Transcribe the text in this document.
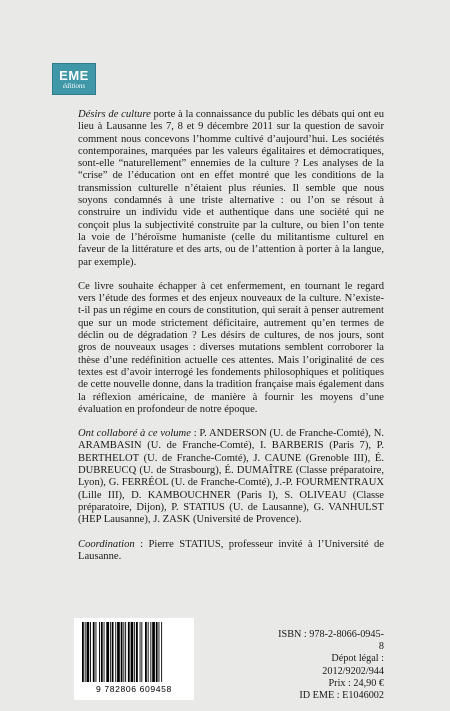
EME
éditions

Désirs de culture porte à la connaissance du public les débats qui ont eu lieu à Lausanne les 7, 8 et 9 décembre 2011 sur la question de savoir comment nous concevons l’homme cultivé d’aujourd’hui. Les sociétés contemporaines, marquées par les valeurs égalitaires et démocratiques, sont-elle “naturellement” ennemies de la culture ? Les analyses de la “crise” de l’éducation ont en effet montré que les conditions de la transmission culturelle n’étaient plus réunies. Il semble que nous soyons condamnés à une triste alternative : ou l’on se résout à construire un individu vide et authentique dans une société qui ne conçoit plus la subjectivité construite par la culture, ou bien l’on tente la voie de l’héroïsme humaniste (celle du militantisme culturel en faveur de la littérature et des arts, ou de l’attention à porter à la langue, par exemple).

Ce livre souhaite échapper à cet enfermement, en tournant le regard vers l’étude des formes et des enjeux nouveaux de la culture. N’existe-t-il pas un régime en cours de constitution, qui serait à penser autrement que sur un mode strictement déficitaire, autrement qu’en termes de déclin ou de dégradation ? Les désirs de cultures, de nos jours, sont gros de nouveaux usages : diverses mutations semblent corroborer la thèse d’une redéfinition actuelle ces attentes. Mais l’originalité de ces textes est d’avoir interrogé les fondements philosophiques et politiques de cette nouvelle donne, dans la tradition française mais également dans la réflexion américaine, de manière à fournir les moyens d’une évaluation en profondeur de notre époque.

Ont collaboré à ce volume : P. ANDERSON (U. de Franche-Comté), N. ARAMBASIN (U. de Franche-Comté), I. BARBERIS (Paris 7), P. BERTHELOT (U. de Franche-Comté), J. CAUNE (Grenoble III), É. DUBREUCQ (U. de Strasbourg), É. DUMAÎTRE (Classe préparatoire, Lyon), G. FERRÉOL (U. de Franche-Comté), J.-P. FOURMENTRAUX (Lille III), D. KAMBOUCHNER (Paris I), S. OLIVEAU (Classe préparatoire, Dijon), P. STATIUS (U. de Lausanne), G. VANHULST (HEP Lausanne), J. ZASK (Université de Provence).

Coordination : Pierre STATIUS, professeur invité à l’Université de Lausanne.

9 782806 609458
ISBN : 978-2-8066-0945-8
Dépot légal : 2012/9202/944
Prix : 24,90 €
ID EME : E1046002
